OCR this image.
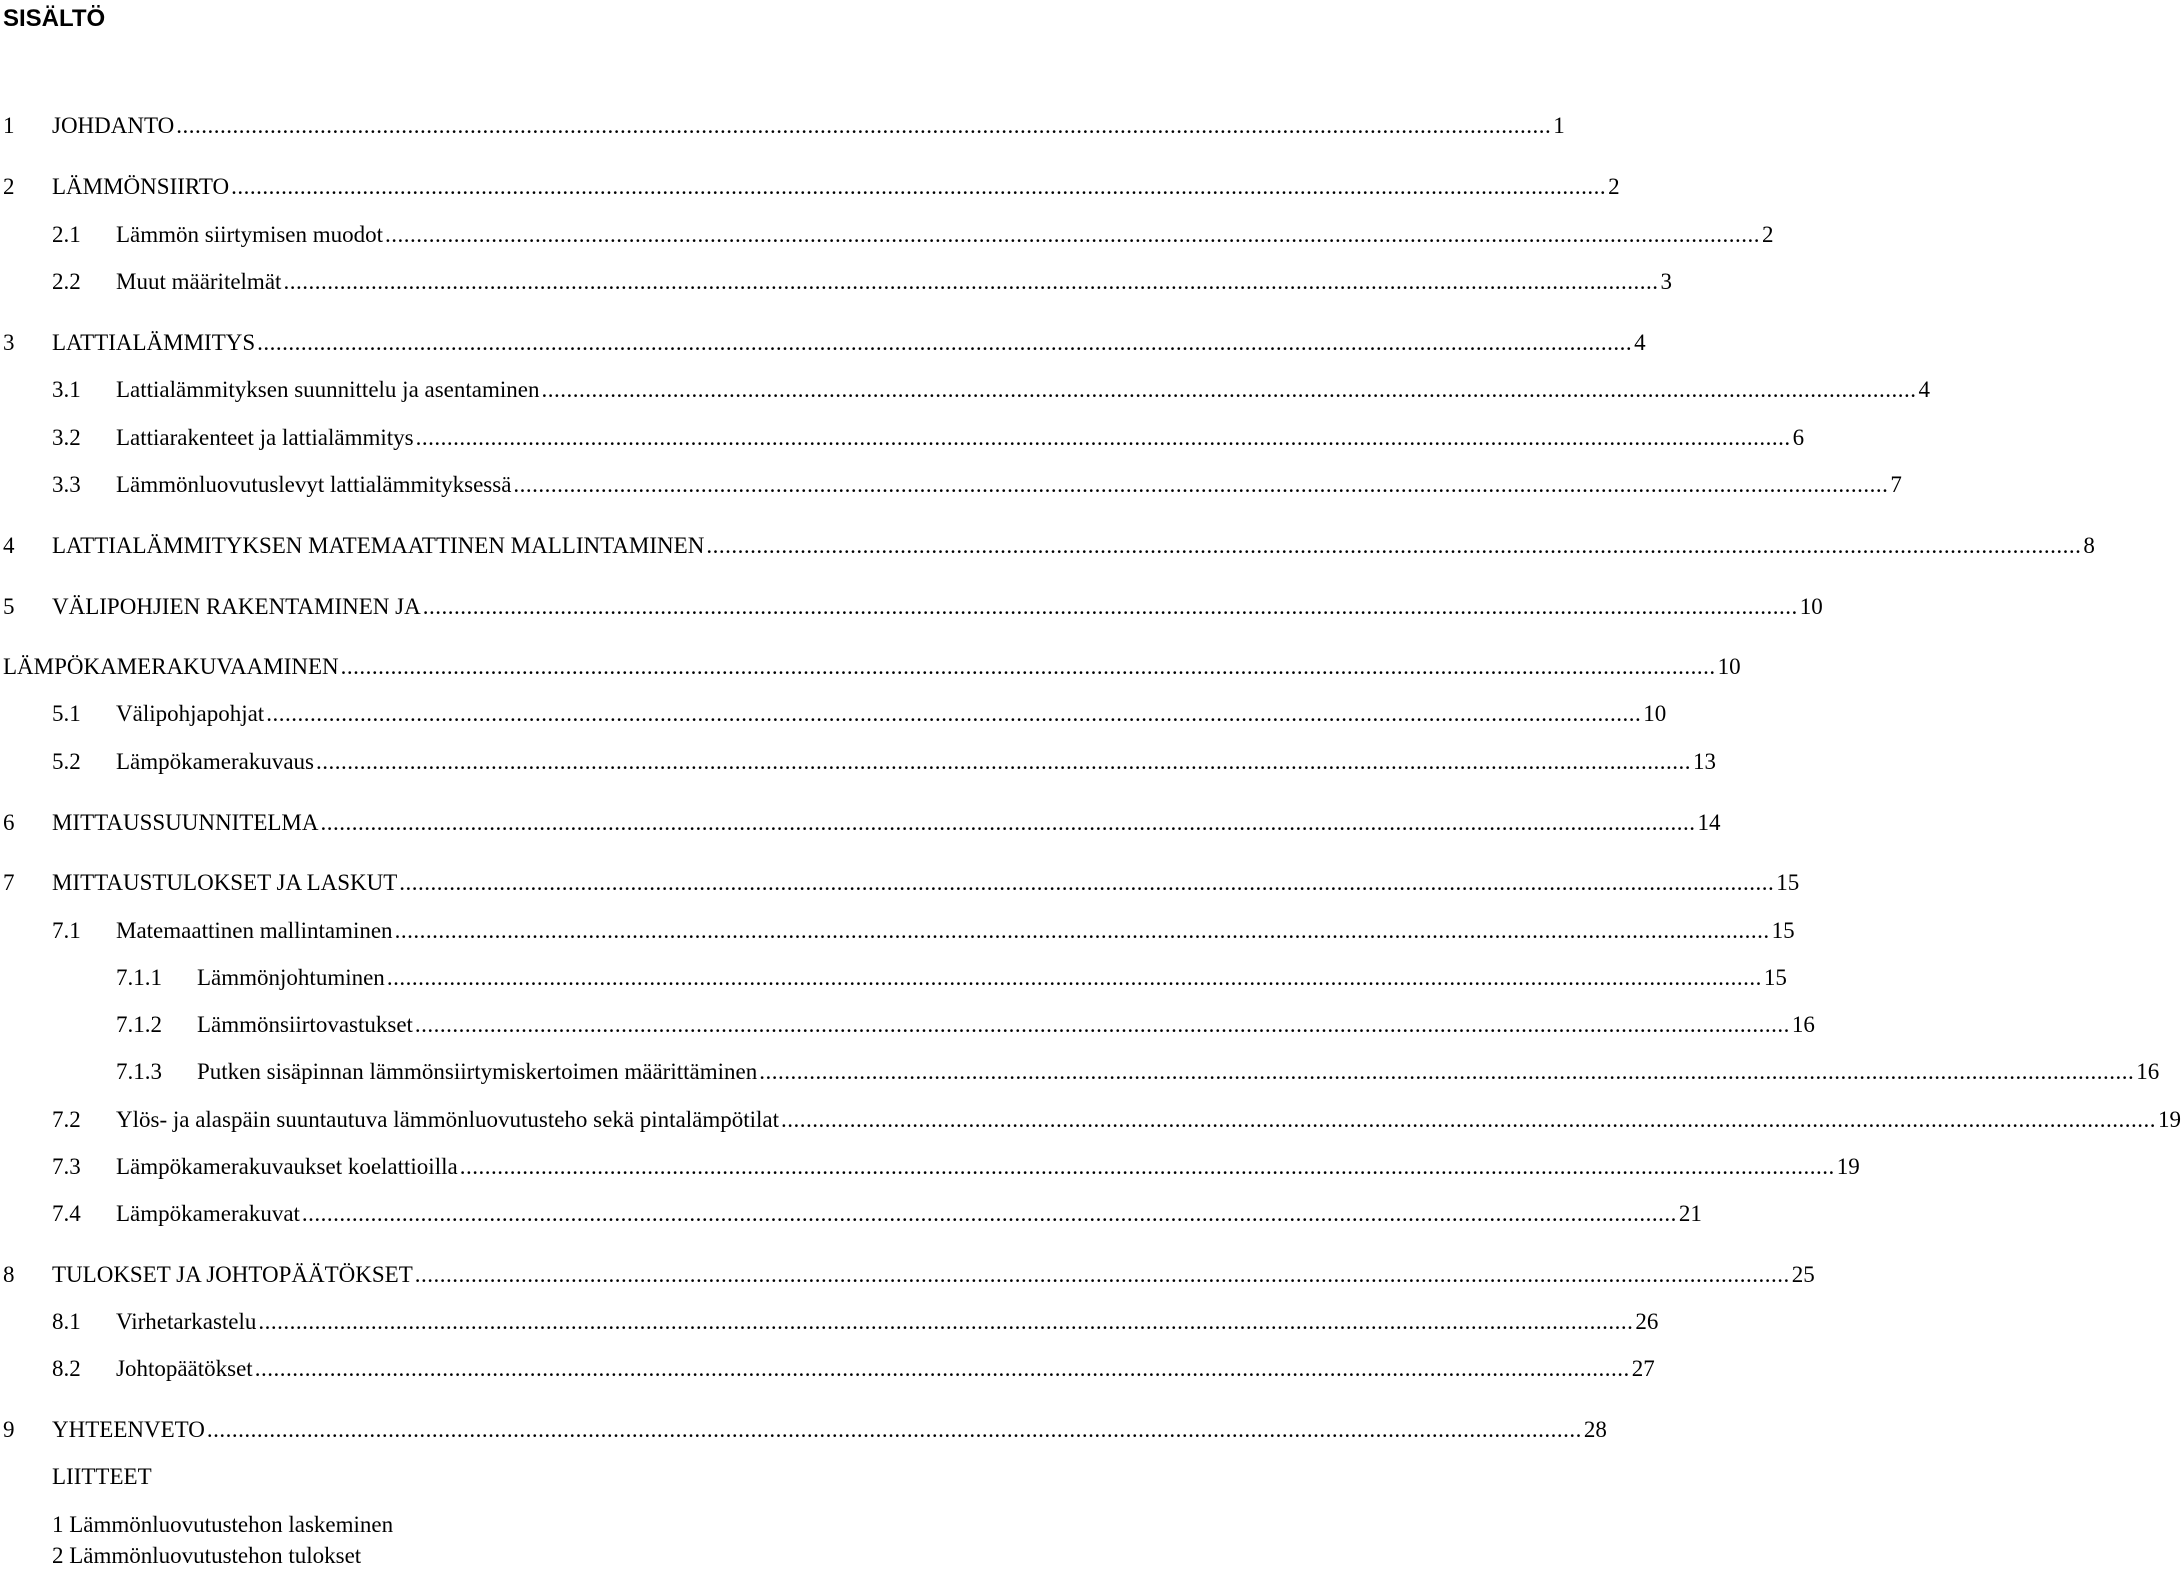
SISÄLTÖ
1 JOHDANTO ............................................................................................................................................................................................................................ 1
2 LÄMMÖNSIIRTO ............................................................................................................................................................................................................................ 2
2.1 Lämmön siirtymisen muodot ............................................................................................................................................................................................................................ 2
2.2 Muut määritelmät ............................................................................................................................................................................................................................ 3
3 LATTIALÄMMITYS ............................................................................................................................................................................................................................ 4
3.1 Lattialämmityksen suunnittelu ja asentaminen ............................................................................................................................................................................................................................ 4
3.2 Lattiarakenteet ja lattialämmitys ............................................................................................................................................................................................................................ 6
3.3 Lämmönluovutuslevyt lattialämmityksessä ............................................................................................................................................................................................................................ 7
4 LATTIALÄMMITYKSEN MATEMAATTINEN MALLINTAMINEN ............................................................................................................................................................................................................................ 8
5 VÄLIPOHJIEN RAKENTAMINEN JA ............................................................................................................................................................................................................................ 10
LÄMPÖKAMERAKUVAAMINEN ............................................................................................................................................................................................................................ 10
5.1 Välipohjapohjat ............................................................................................................................................................................................................................ 10
5.2 Lämpökamerakuvaus ............................................................................................................................................................................................................................ 13
6 MITTAUSSUUNNITELMA ............................................................................................................................................................................................................................ 14
7 MITTAUSTULOKSET JA LASKUT ............................................................................................................................................................................................................................ 15
7.1 Matemaattinen mallintaminen ............................................................................................................................................................................................................................ 15
7.1.1 Lämmönjohtuminen ............................................................................................................................................................................................................................ 15
7.1.2 Lämmönsiirtovastukset ............................................................................................................................................................................................................................ 16
7.1.3 Putken sisäpinnan lämmönsiirtymiskertoimen määrittäminen ............................................................................................................................................................................................................................ 16
7.2 Ylös- ja alaspäin suuntautuva lämmönluovutusteho sekä pintalämpötilat ............................................................................................................................................................................................................................ 19
7.3 Lämpökamerakuvaukset koelattioilla ............................................................................................................................................................................................................................ 19
7.4 Lämpökamerakuvat ............................................................................................................................................................................................................................ 21
8 TULOKSET JA JOHTOPÄÄTÖKSET ............................................................................................................................................................................................................................ 25
8.1 Virhetarkastelu ............................................................................................................................................................................................................................ 26
8.2 Johtopäätökset ............................................................................................................................................................................................................................ 27
9 YHTEENVETO ............................................................................................................................................................................................................................ 28
LIITTEET
1 Lämmönluovutustehon laskeminen
2 Lämmönluovutustehon tulokset
